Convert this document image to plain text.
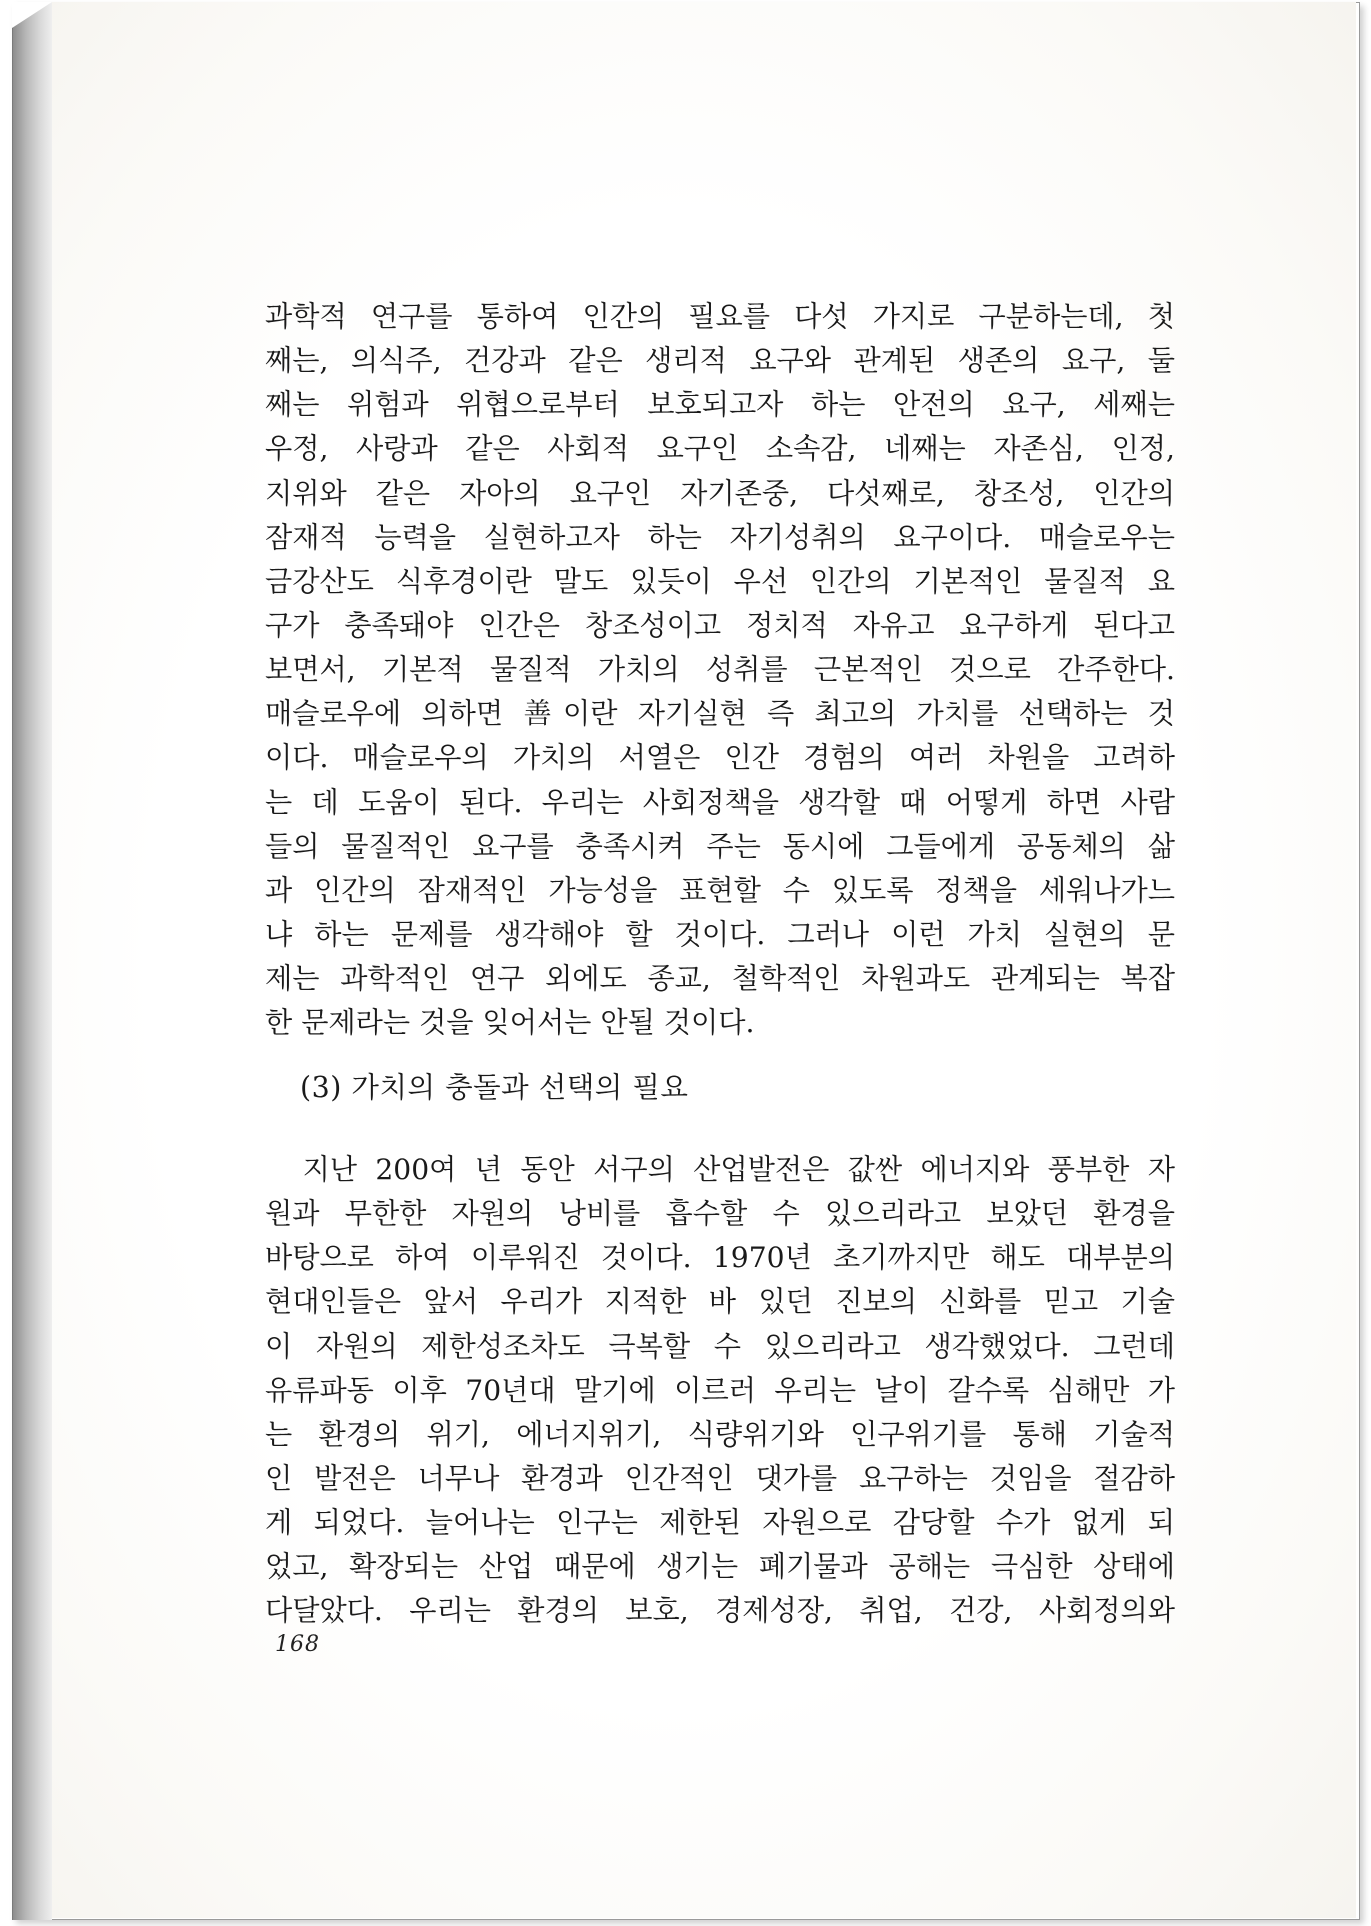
과학적 연구를 통하여 인간의 필요를 다섯 가지로 구분하는데, 첫
째는, 의식주, 건강과 같은 생리적 요구와 관계된 생존의 요구, 둘
째는 위험과 위협으로부터 보호되고자 하는 안전의 요구, 세째는
우정, 사랑과 같은 사회적 요구인 소속감, 네째는 자존심, 인정,
지위와 같은 자아의 요구인 자기존중, 다섯째로, 창조성, 인간의
잠재적 능력을 실현하고자 하는 자기성취의 요구이다. 매슬로우는
금강산도 식후경이란 말도 있듯이 우선 인간의 기본적인 물질적 요
구가 충족돼야 인간은 창조성이고 정치적 자유고 요구하게 된다고
보면서, 기본적 물질적 가치의 성취를 근본적인 것으로 간주한다.
매슬로우에 의하면 善이란 자기실현 즉 최고의 가치를 선택하는 것
이다. 매슬로우의 가치의 서열은 인간 경험의 여러 차원을 고려하
는 데 도움이 된다. 우리는 사회정책을 생각할 때 어떻게 하면 사람
들의 물질적인 요구를 충족시켜 주는 동시에 그들에게 공동체의 삶
과 인간의 잠재적인 가능성을 표현할 수 있도록 정책을 세워나가느
냐 하는 문제를 생각해야 할 것이다. 그러나 이런 가치 실현의 문
제는 과학적인 연구 외에도 종교, 철학적인 차원과도 관계되는 복잡
한 문제라는 것을 잊어서는 안될 것이다.
(3) 가치의 충돌과 선택의 필요
　지난 200여 년 동안 서구의 산업발전은 값싼 에너지와 풍부한 자
원과 무한한 자원의 낭비를 흡수할 수 있으리라고 보았던 환경을
바탕으로 하여 이루워진 것이다. 1970년 초기까지만 해도 대부분의
현대인들은 앞서 우리가 지적한 바 있던 진보의 신화를 믿고 기술
이 자원의 제한성조차도 극복할 수 있으리라고 생각했었다. 그런데
유류파동 이후 70년대 말기에 이르러 우리는 날이 갈수록 심해만 가
는 환경의 위기, 에너지위기, 식량위기와 인구위기를 통해 기술적
인 발전은 너무나 환경과 인간적인 댓가를 요구하는 것임을 절감하
게 되었다. 늘어나는 인구는 제한된 자원으로 감당할 수가 없게 되
었고, 확장되는 산업 때문에 생기는 폐기물과 공해는 극심한 상태에
다달았다. 우리는 환경의 보호, 경제성장, 취업, 건강, 사회정의와
168
